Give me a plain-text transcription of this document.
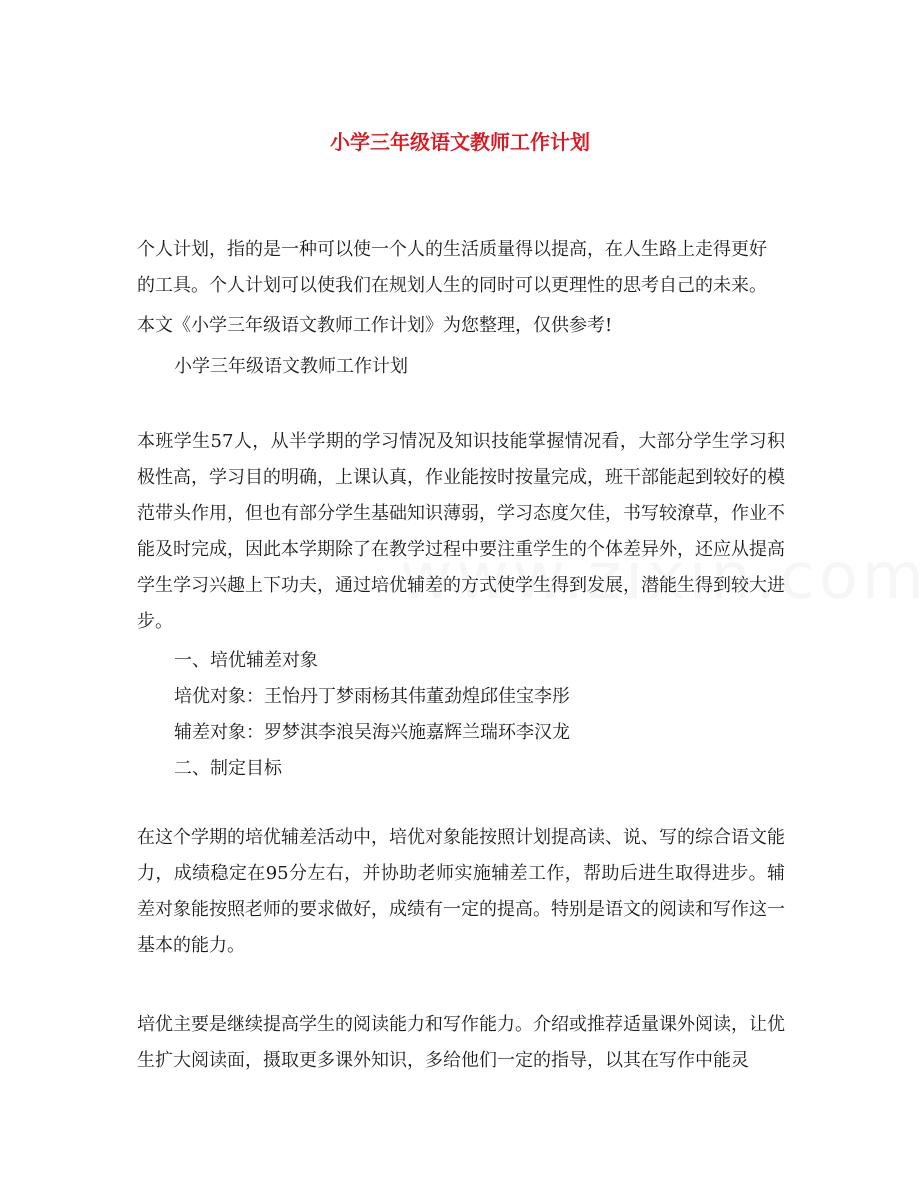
小学三年级语文教师工作计划

个人计划，指的是一种可以使一个人的生活质量得以提高，在人生路上走得更好

的工具。个人计划可以使我们在规划人生的同时可以更理性的思考自己的未来。

本文《小学三年级语文教师工作计划》为您整理，仅供参考!

小学三年级语文教师工作计划

本班学生57人，从半学期的学习情况及知识技能掌握情况看，大部分学生学习积极性高，学习目的明确，上课认真，作业能按时按量完成，班干部能起到较好的模范带头作用，但也有部分学生基础知识薄弱，学习态度欠佳，书写较潦草，作业不能及时完成，因此本学期除了在教学过程中要注重学生的个体差异外，还应从提高学生学习兴趣上下功夫，通过培优辅差的方式使学生得到发展，潜能生得到较大进步。

一、培优辅差对象

培优对象：王怡丹丁梦雨杨其伟董劲煌邱佳宝李彤

辅差对象：罗梦淇李浪吴海兴施嘉辉兰瑞环李汉龙

二、制定目标

在这个学期的培优辅差活动中，培优对象能按照计划提高读、说、写的综合语文能力，成绩稳定在95分左右，并协助老师实施辅差工作，帮助后进生取得进步。辅差对象能按照老师的要求做好，成绩有一定的提高。特别是语文的阅读和写作这一基本的能力。

培优主要是继续提高学生的阅读能力和写作能力。介绍或推荐适量课外阅读，让优生扩大阅读面，摄取更多课外知识，多给他们一定的指导，以其在写作中能灵
